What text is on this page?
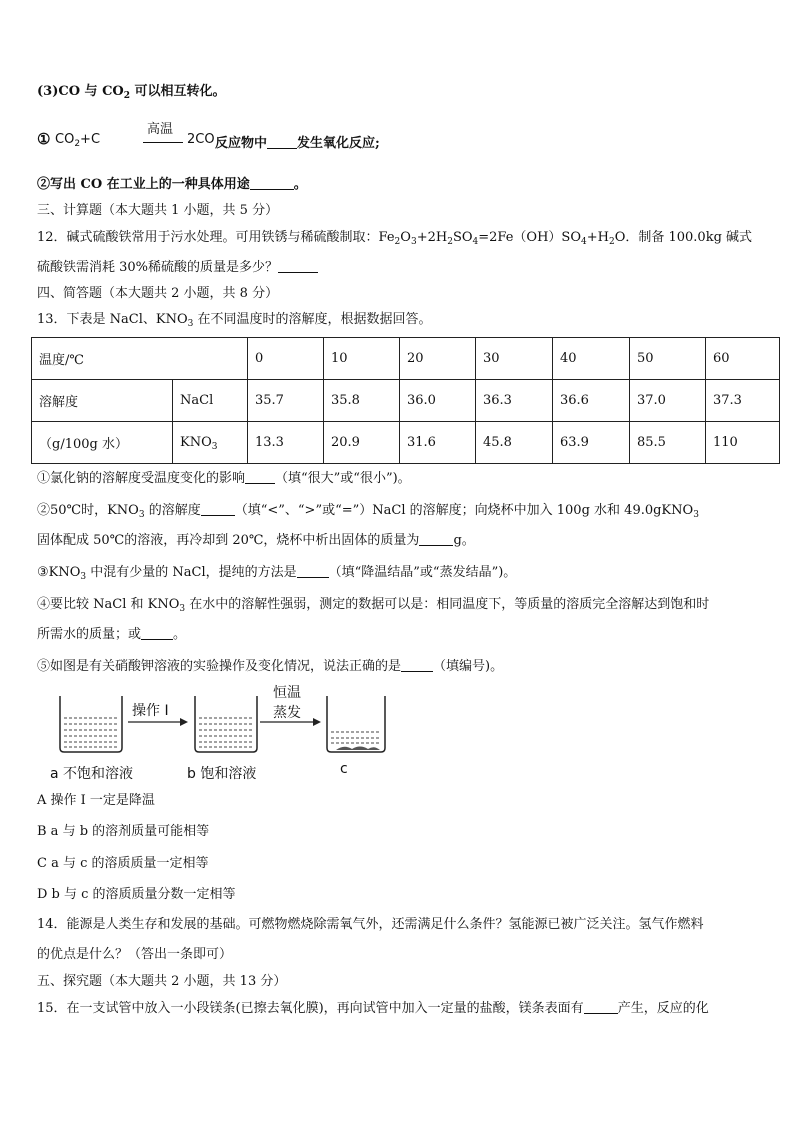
(3)CO 与 $CO_2$ 可以相互转化。
① $CO_2+C$
高温
2CO 反应物中 发生氧化反应;
②写出 CO 在工业上的一种具体用途	。
三、计算题（本大题共 1 小题，共 5 分）
12．碱式硫酸铁常用于污水处理。可用铁锈与稀硫酸制取：$Fe_2O_3+2H_2SO_4=2Fe(OH)SO_4+H_2O$．制备 100.0kg 碱式
硫酸铁需消耗 30%稀硫酸的质量是多少？
四、简答题（本大题共 2 小题，共 8 分）
13．下表是 NaCl、$KNO_3$ 在不同温度时的溶解度，根据数据回答。
温度/℃		0	10	20	30	40	50	60
溶解度	NaCl	35.7	35.8	36.0	36.3	36.6	37.0	37.3
（g/100g 水）	$KNO_3$	13.3	20.9	31.6	45.8	63.9	85.5	110
①氯化钠的溶解度受温度变化的影响 （填“很大”或“很小”)。
②50℃时，$KNO_3$ 的溶解度	（填“<”、“>”或“=”）NaCl 的溶解度；向烧杯中加入 100g 水和 49.0gKNO$_3$
固体配成 50℃的溶液，再冷却到 20℃，烧杯中析出固体的质量为	g。
$③KNO_3$ 中混有少量的 NaCl，提纯的方法是 （填“降温结晶”或“蒸发结晶”)。
④要比较 NaCl 和 $KNO_3$ 在水中的溶解性强弱，测定的数据可以是：相同温度下，等质量的溶质完全溶解达到饱和时
所需水的质量；或 。
⑤如图是有关硝酸钾溶液的实验操作及变化情况，说法正确的是 （填编号)。
操作 I
恒温
蒸发
a 不饱和溶液	b 饱和溶液	c
A 操作 I 一定是降温
B a 与 b 的溶剂质量可能相等
C a 与 c 的溶质质量一定相等
D b 与 c 的溶质质量分数一定相等
14．能源是人类生存和发展的基础。可燃物燃烧除需氧气外，还需满足什么条件？氢能源已被广泛关注。氢气作燃料
的优点是什么？（答出一条即可）
五、探究题（本大题共 2 小题，共 13 分）
15．在一支试管中放入一小段镁条(已擦去氧化膜)，再向试管中加入一定量的盐酸，镁条表面有	产生，反应的化
